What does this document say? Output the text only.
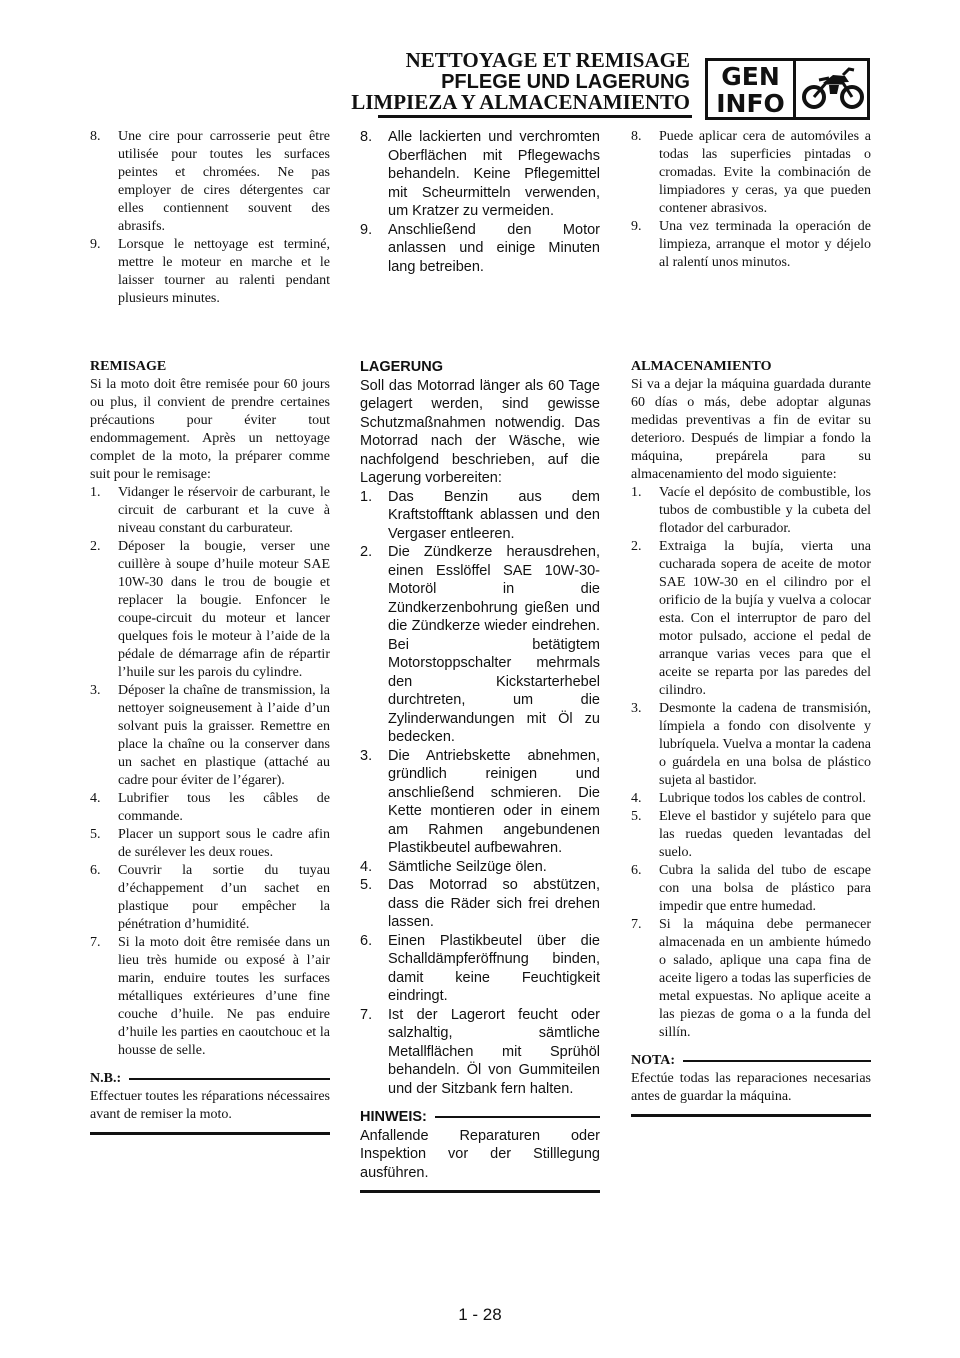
NETTOYAGE ET REMISAGE
PFLEGE UND LAGERUNG
LIMPIEZA Y ALMACENAMIENTO
GEN
INFO
8.	Une cire pour carrosserie peut être utilisée pour toutes les surfaces peintes et chromées. Ne pas employer de cires détergentes car elles contiennent souvent des abrasifs.
9.	Lorsque le nettoyage est terminé, mettre le moteur en marche et le laisser tourner au ralenti pendant plusieurs minutes.
REMISAGE
Si la moto doit être remisée pour 60 jours ou plus, il convient de prendre certaines précautions pour éviter tout endommagement. Après un nettoyage complet de la moto, la préparer comme suit pour le remisage:
1.	Vidanger le réservoir de carburant, le circuit de carburant et la cuve à niveau constant du carburateur.
2.	Déposer la bougie, verser une cuillère à soupe d’huile moteur SAE 10W-30 dans le trou de bougie et replacer la bougie. Enfoncer le coupe-circuit du moteur et lancer quelques fois le moteur à l’aide de la pédale de démarrage afin de répartir l’huile sur les parois du cylindre.
3.	Déposer la chaîne de transmission, la nettoyer soigneusement à l’aide d’un solvant puis la graisser. Remettre en place la chaîne ou la conserver dans un sachet en plastique (attaché au cadre pour éviter de l’égarer).
4.	Lubrifier tous les câbles de commande.
5.	Placer un support sous le cadre afin de surélever les deux roues.
6.	Couvrir la sortie du tuyau d’échappement d’un sachet en plastique pour empêcher la pénétration d’humidité.
7.	Si la moto doit être remisée dans un lieu très humide ou exposé à l’air marin, enduire toutes les surfaces métalliques extérieures d’une fine couche d’huile. Ne pas enduire d’huile les parties en caoutchouc et la housse de selle.
N.B.:
Effectuer toutes les réparations nécessaires avant de remiser la moto.
8.	Alle lackierten und verchromten Oberflächen mit Pflegewachs behandeln. Keine Pflegemittel mit Scheurmitteln verwenden, um Kratzer zu vermeiden.
9.	Anschließend den Motor anlassen und einige Minuten lang betreiben.
LAGERUNG
Soll das Motorrad länger als 60 Tage gelagert werden, sind gewisse Schutzmaßnahmen notwendig. Das Motorrad nach der Wäsche, wie nachfolgend beschrieben, auf die Lagerung vorbereiten:
1.	Das Benzin aus dem Kraftstofftank ablassen und den Vergaser entleeren.
2.	Die Zündkerze herausdrehen, einen Esslöffel SAE 10W-30-Motoröl in die Zündkerzenbohrung gießen und die Zündkerze wieder eindrehen. Bei betätigtem Motorstoppschalter mehrmals den Kickstarterhebel durchtreten, um die Zylinderwandungen mit Öl zu bedecken.
3.	Die Antriebskette abnehmen, gründlich reinigen und anschließend schmieren. Die Kette montieren oder in einem am Rahmen angebundenen Plastikbeutel aufbewahren.
4.	Sämtliche Seilzüge ölen.
5.	Das Motorrad so abstützen, dass die Räder sich frei drehen lassen.
6.	Einen Plastikbeutel über die Schalldämpferöffnung binden, damit keine Feuchtigkeit eindringt.
7.	Ist der Lagerort feucht oder salzhaltig, sämtliche Metallflächen mit Sprühöl behandeln. Öl von Gummiteilen und der Sitzbank fern halten.
HINWEIS:
Anfallende Reparaturen oder Inspektion vor der Stilllegung ausführen.
8.	Puede aplicar cera de automóviles a todas las superficies pintadas o cromadas. Evite la combinación de limpiadores y ceras, ya que pueden contener abrasivos.
9.	Una vez terminada la operación de limpieza, arranque el motor y déjelo al ralentí unos minutos.
ALMACENAMIENTO
Si va a dejar la máquina guardada durante 60 días o más, debe adoptar algunas medidas preventivas a fin de evitar su deterioro. Después de limpiar a fondo la máquina, prepárela para su almacenamiento del modo siguiente:
1.	Vacíe el depósito de combustible, los tubos de combustible y la cubeta del flotador del carburador.
2.	Extraiga la bujía, vierta una cucharada sopera de aceite de motor SAE 10W-30 en el cilindro por el orificio de la bujía y vuelva a colocar esta. Con el interruptor de paro del motor pulsado, accione el pedal de arranque varias veces para que el aceite se reparta por las paredes del cilindro.
3.	Desmonte la cadena de transmisión, límpiela a fondo con disolvente y lubríquela. Vuelva a montar la cadena o guárdela en una bolsa de plástico sujeta al bastidor.
4.	Lubrique todos los cables de control.
5.	Eleve el bastidor y sujételo para que las ruedas queden levantadas del suelo.
6.	Cubra la salida del tubo de escape con una bolsa de plástico para impedir que entre humedad.
7.	Si la máquina debe permanecer almacenada en un ambiente húmedo o salado, aplique una capa fina de aceite ligero a todas las superficies de metal expuestas. No aplique aceite a las piezas de goma o a la funda del sillín.
NOTA:
Efectúe todas las reparaciones necesarias antes de guardar la máquina.
1 - 28
